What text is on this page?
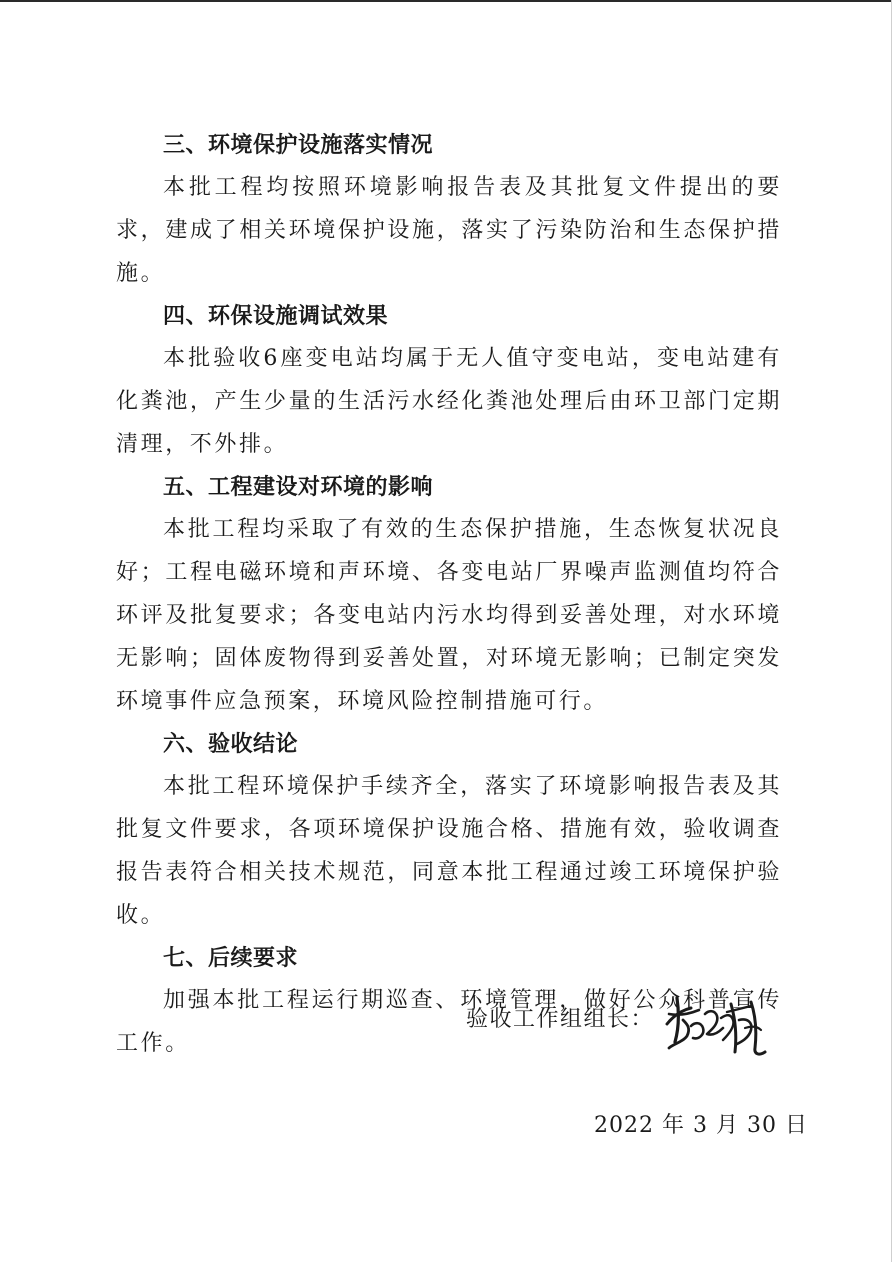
三、环境保护设施落实情况

本批工程均按照环境影响报告表及其批复文件提出的要求，建成了相关环境保护设施，落实了污染防治和生态保护措施。

四、环保设施调试效果

本批验收6座变电站均属于无人值守变电站，变电站建有化粪池，产生少量的生活污水经化粪池处理后由环卫部门定期清理，不外排。

五、工程建设对环境的影响

本批工程均采取了有效的生态保护措施，生态恢复状况良好；工程电磁环境和声环境、各变电站厂界噪声监测值均符合环评及批复要求；各变电站内污水均得到妥善处理，对水环境无影响；固体废物得到妥善处置，对环境无影响；已制定突发环境事件应急预案，环境风险控制措施可行。

六、验收结论

本批工程环境保护手续齐全，落实了环境影响报告表及其批复文件要求，各项环境保护设施合格、措施有效，验收调查报告表符合相关技术规范，同意本批工程通过竣工环境保护验收。

七、后续要求

加强本批工程运行期巡查、环境管理，做好公众科普宣传工作。

验收工作组组长：
2022 年 3 月 30 日
